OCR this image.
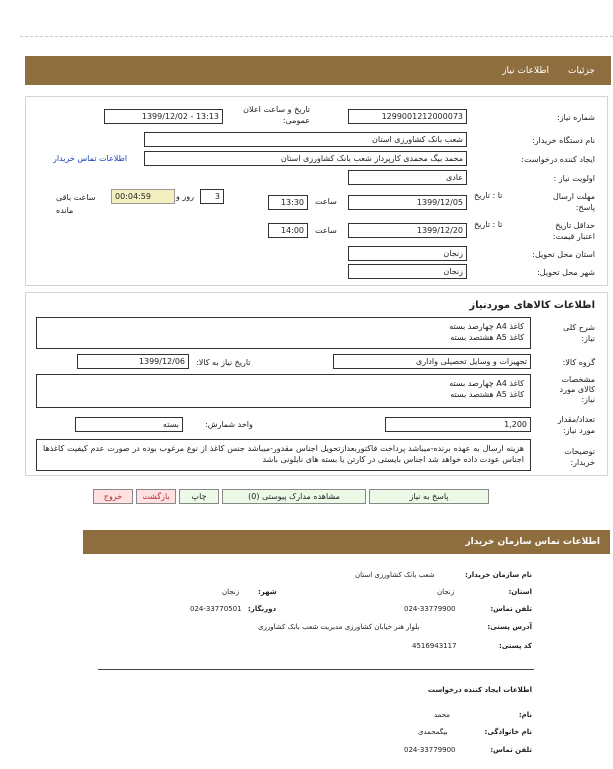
جزئیات
اطلاعات نیاز
شماره نیاز:
1299001212000073
تاریخ و ساعت اعلان عمومی:
1399/12/02 - 13:13
نام دستگاه خریدار:
شعب بانک کشاورزی استان
ایجاد کننده درخواست:
محمد بیگ محمدی کارپرداز شعب بانک کشاورزی استان
اطلاعات تماس خریدار
اولویت نیاز :
عادی
مهلت ارسال پاسخ:
تا : تاریخ
1399/12/05
ساعت
13:30
3
روز و
00:04:59
ساعت باقی مانده
حداقل تاریخ اعتبار قیمت:
تا : تاریخ
1399/12/20
ساعت
14:00
استان محل تحویل:
زنجان
شهر محل تحویل:
زنجان
اطلاعات کالاهای موردنیاز
شرح کلی نیاز:
کاغذ A4 چهارصد بسته
کاغذ A5 هشتصد بسته
گروه کالا:
تجهیزات و وسایل تحصیلی واداری
تاریخ نیاز به کالا:
1399/12/06
مشخصات کالای مورد نیاز:
کاغذ A4 چهارصد بسته
کاغذ A5 هشتصد بسته
تعداد/مقدار مورد نیاز:
1,200
واحد شمارش:
بسته
توضیحات خریدار:
هزینه ارسال به عهده برنده-میباشد پرداخت فاکتوربعدازتحویل اجناس مقدور-میباشد جنس کاغذ از نوع مرغوب بوده در صورت عدم کیفیت کاغذها اجناس عودت داده خواهد شد اجناس بایستی در کارتن یا بسته های نایلونی باشد
پاسخ به نیاز
مشاهده مدارک پیوستی (0)
چاپ
بازگشت
خروج
اطلاعات تماس سازمان خریدار
نام سازمان خریدار:
شعب بانک کشاورزی استان
استان:
زنجان
شهر:
زنجان
تلفن تماس:
024-33779900
دورنگار:
024-33770501
آدرس پستی:
بلوار هنر خیابان کشاورزی مدیریت شعب بانک کشاورزی
کد پستی:
4516943117
اطلاعات ایجاد کننده درخواست
نام:
محمد
نام خانوادگی:
بیگمحمدی
تلفن تماس:
024-33779900
